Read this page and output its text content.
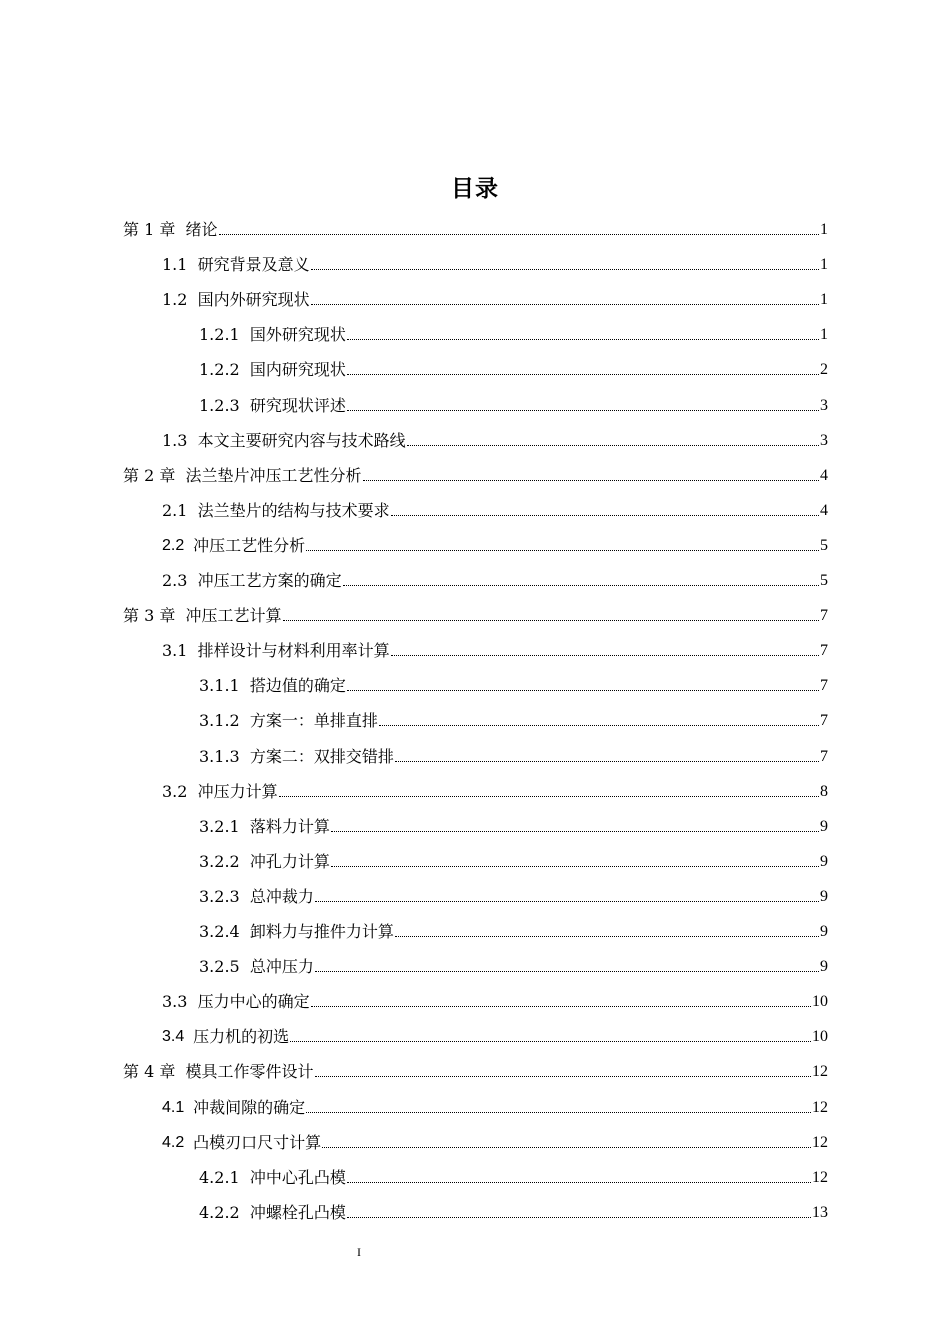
目录
第 1 章 绪论	1
1.1 研究背景及意义	1
1.2 国内外研究现状	1
1.2.1 国外研究现状	1
1.2.2 国内研究现状	2
1.2.3 研究现状评述	3
1.3 本文主要研究内容与技术路线	3
第 2 章 法兰垫片冲压工艺性分析	4
2.1 法兰垫片的结构与技术要求	4
2.2 冲压工艺性分析	5
2.3 冲压工艺方案的确定	5
第 3 章 冲压工艺计算	7
3.1 排样设计与材料利用率计算	7
3.1.1 搭边值的确定	7
3.1.2 方案一：单排直排	7
3.1.3 方案二：双排交错排	7
3.2 冲压力计算	8
3.2.1 落料力计算	9
3.2.2 冲孔力计算	9
3.2.3 总冲裁力	9
3.2.4 卸料力与推件力计算	9
3.2.5 总冲压力	9
3.3 压力中心的确定	10
3.4 压力机的初选	10
第 4 章 模具工作零件设计	12
4.1 冲裁间隙的确定	12
4.2 凸模刃口尺寸计算	12
4.2.1 冲中心孔凸模	12
4.2.2 冲螺栓孔凸模	13
I
